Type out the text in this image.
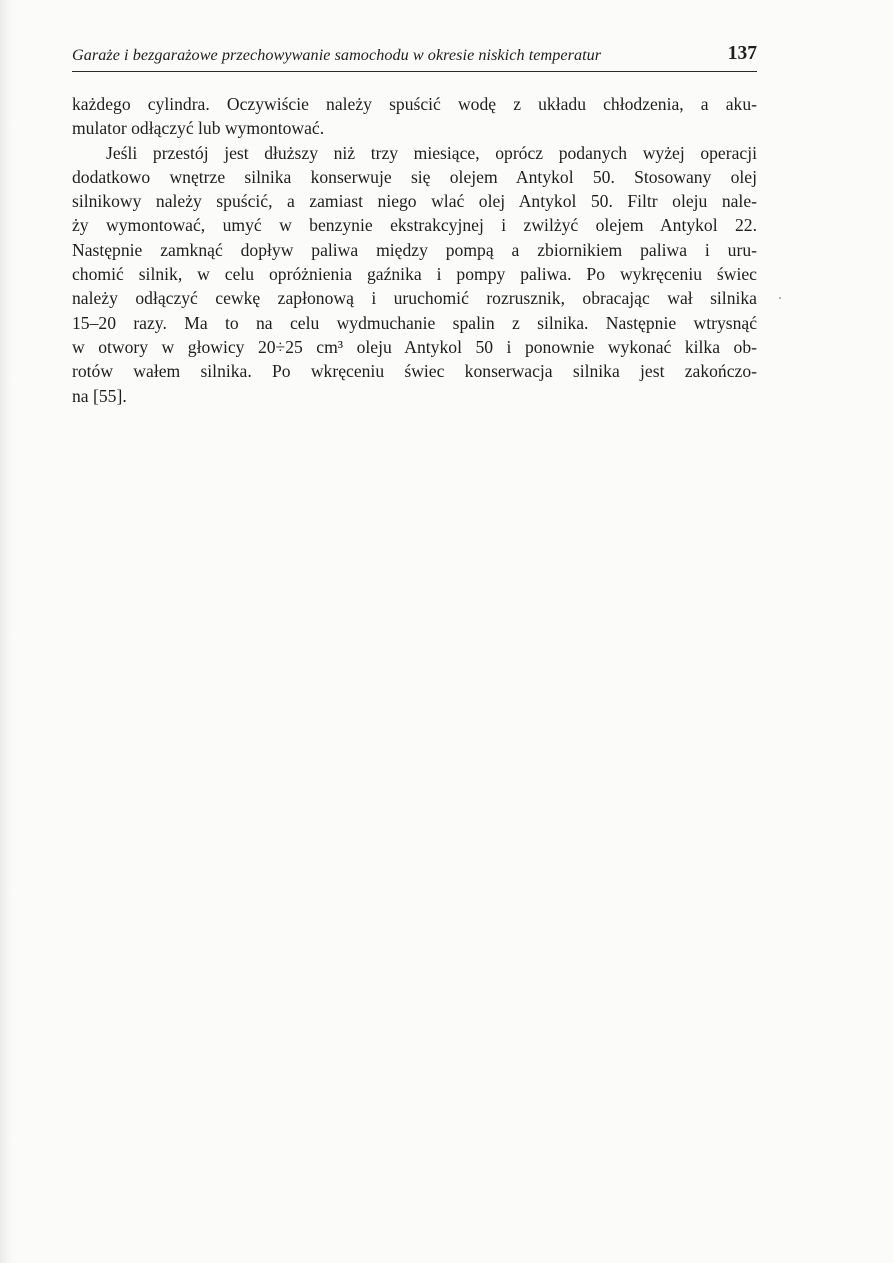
Garaże i bezgarażowe przechowywanie samochodu w okresie niskich temperatur	137
każdego cylindra. Oczywiście należy spuścić wodę z układu chłodzenia, a aku-
mulator odłączyć lub wymontować.
Jeśli przestój jest dłuższy niż trzy miesiące, oprócz podanych wyżej operacji
dodatkowo wnętrze silnika konserwuje się olejem Antykol 50. Stosowany olej
silnikowy należy spuścić, a zamiast niego wlać olej Antykol 50. Filtr oleju nale-
ży wymontować, umyć w benzynie ekstrakcyjnej i zwilżyć olejem Antykol 22.
Następnie zamknąć dopływ paliwa między pompą a zbiornikiem paliwa i uru-
chomić silnik, w celu opróżnienia gaźnika i pompy paliwa. Po wykręceniu świec
należy odłączyć cewkę zapłonową i uruchomić rozrusznik, obracając wał silnika
15–20 razy. Ma to na celu wydmuchanie spalin z silnika. Następnie wtrysnąć
w otwory w głowicy 20÷25 cm³ oleju Antykol 50 i ponownie wykonać kilka ob-
rotów wałem silnika. Po wkręceniu świec konserwacja silnika jest zakończo-
na [55].
